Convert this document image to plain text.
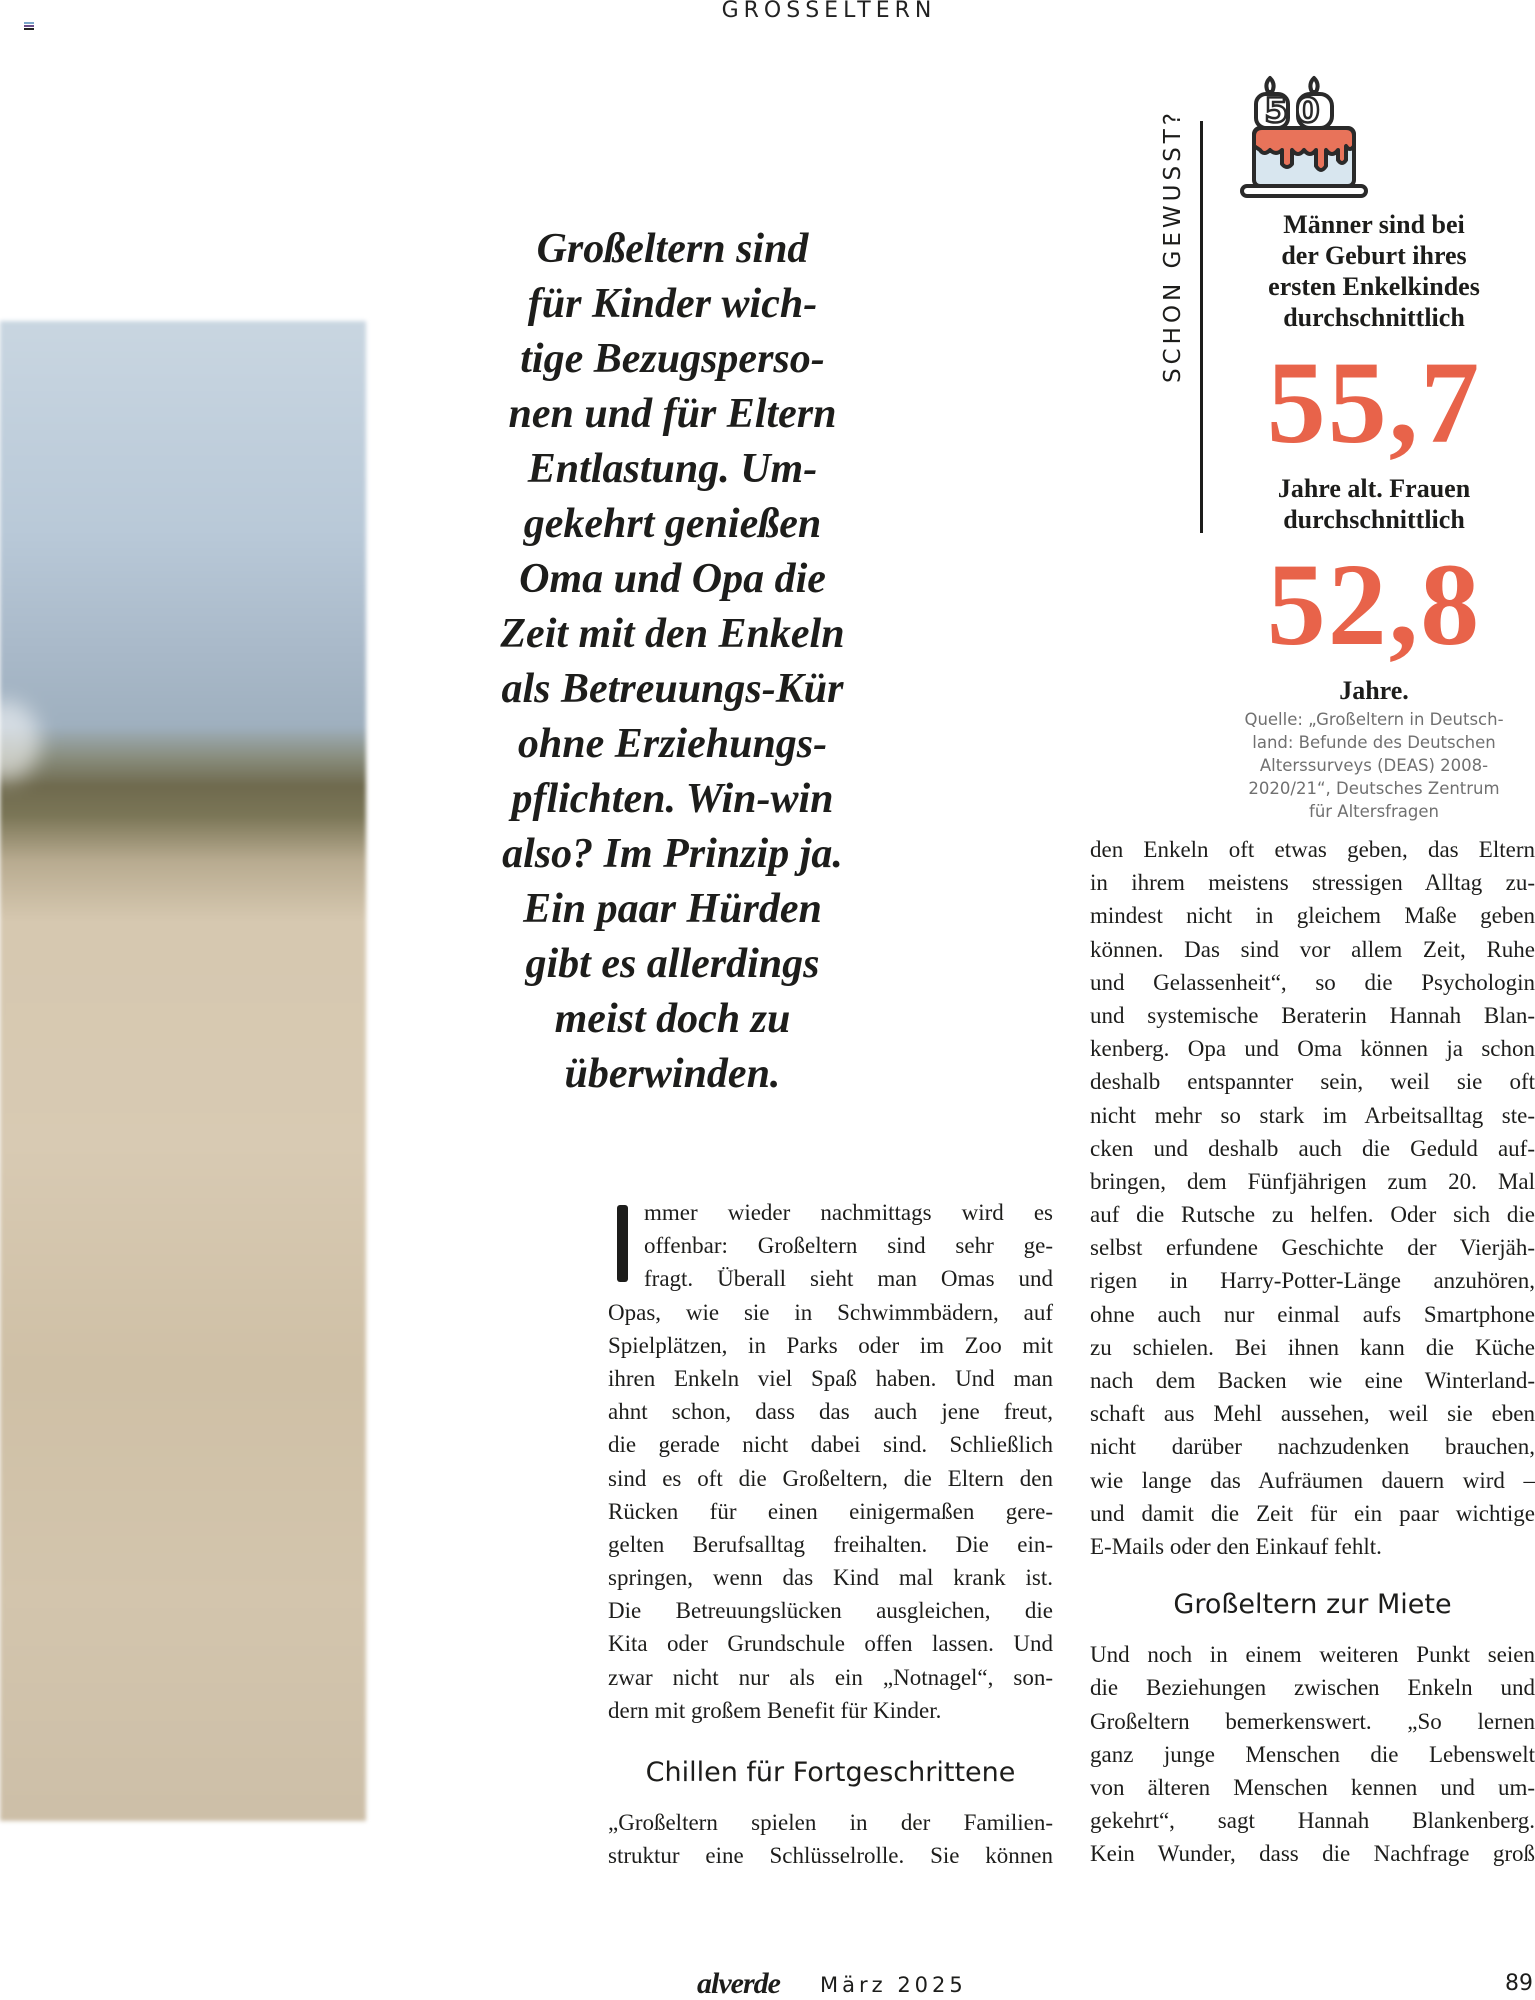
GROSSELTERN
Großeltern sind
für Kinder wich-
tige Bezugsperso-
nen und für Eltern
Entlastung. Um-
gekehrt genießen
Oma und Opa die
Zeit mit den Enkeln
als Betreuungs-Kür
ohne Erziehungs-
pflichten. Win-win
also? Im Prinzip ja.
Ein paar Hürden
gibt es allerdings
meist doch zu
überwinden.
SCHON GEWUSST? 50
Männer sind bei
der Geburt ihres
ersten Enkelkindes
durchschnittlich
55,7
Jahre alt. Frauen
durchschnittlich
52,8
Jahre.
Quelle: „Großeltern in Deutsch-
land: Befunde des Deutschen
Alterssurveys (DEAS) 2008-
2020/21“, Deutsches Zentrum
für Altersfragen
mmer wieder nachmittags wird es
offenbar: Großeltern sind sehr ge-
fragt. Überall sieht man Omas und
Opas, wie sie in Schwimmbädern, auf
Spielplätzen, in Parks oder im Zoo mit
ihren Enkeln viel Spaß haben. Und man
ahnt schon, dass das auch jene freut,
die gerade nicht dabei sind. Schließlich
sind es oft die Großeltern, die Eltern den
Rücken für einen einigermaßen gere-
gelten Berufsalltag freihalten. Die ein-
springen, wenn das Kind mal krank ist.
Die Betreuungslücken ausgleichen, die
Kita oder Grundschule offen lassen. Und
zwar nicht nur als ein „Notnagel“, son-
dern mit großem Benefit für Kinder.
Chillen für Fortgeschrittene
„Großeltern spielen in der Familien-
struktur eine Schlüsselrolle. Sie können
den Enkeln oft etwas geben, das Eltern
in ihrem meistens stressigen Alltag zu-
mindest nicht in gleichem Maße geben
können. Das sind vor allem Zeit, Ruhe
und Gelassenheit“, so die Psychologin
und systemische Beraterin Hannah Blan-
kenberg. Opa und Oma können ja schon
deshalb entspannter sein, weil sie oft
nicht mehr so stark im Arbeitsalltag ste-
cken und deshalb auch die Geduld auf-
bringen, dem Fünfjährigen zum 20. Mal
auf die Rutsche zu helfen. Oder sich die
selbst erfundene Geschichte der Vierjäh-
rigen in Harry-Potter-Länge anzuhören,
ohne auch nur einmal aufs Smartphone
zu schielen. Bei ihnen kann die Küche
nach dem Backen wie eine Winterland-
schaft aus Mehl aussehen, weil sie eben
nicht darüber nachzudenken brauchen,
wie lange das Aufräumen dauern wird –
und damit die Zeit für ein paar wichtige
E-Mails oder den Einkauf fehlt.
Großeltern zur Miete
Und noch in einem weiteren Punkt seien
die Beziehungen zwischen Enkeln und
Großeltern bemerkenswert. „So lernen
ganz junge Menschen die Lebenswelt
von älteren Menschen kennen und um-
gekehrt“, sagt Hannah Blankenberg.
Kein Wunder, dass die Nachfrage groß
alverde März 2025	89
